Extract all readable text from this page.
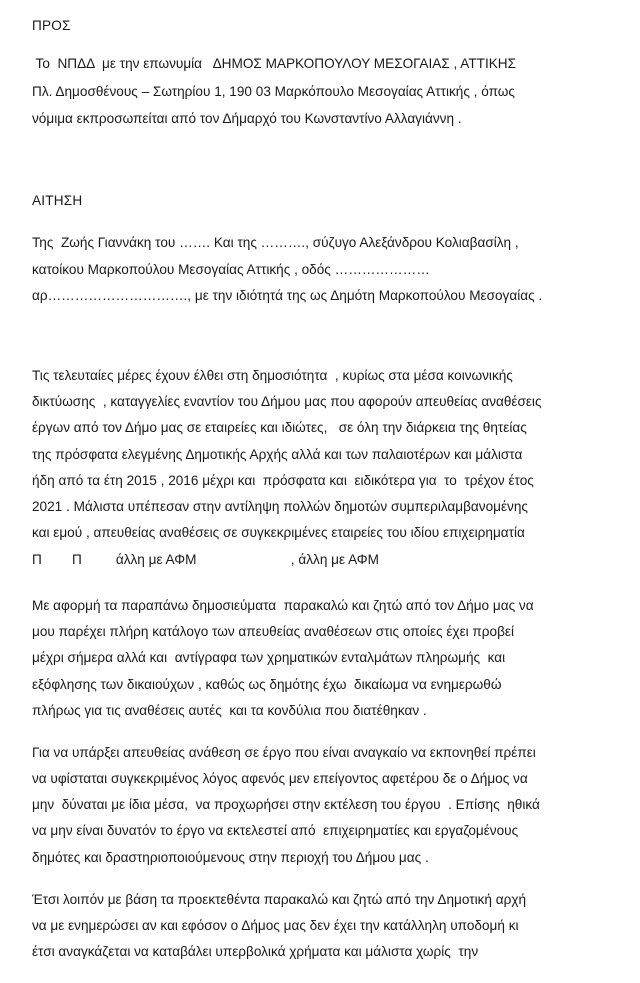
ΠΡΟΣ
Το  ΝΠΔΔ  με την επωνυμία   ΔΗΜΟΣ ΜΑΡΚΟΠΟΥΛΟΥ ΜΕΣΟΓΑΙΑΣ , ΑΤΤΙΚΗΣ
Πλ. Δημοσθένους – Σωτηρίου 1, 190 03 Μαρκόπουλο Μεσογαίας Αττικής , όπως
νόμιμα εκπροσωπείται από τον Δήμαρχό του Κωνσταντίνο Αλλαγιάννη .
ΑΙΤΗΣΗ
Της  Ζωής Γιαννάκη του ……. Και της ………., σύζυγο Αλεξάνδρου Κολιαβασίλη ,
κατοίκου Μαρκοπούλου Μεσογαίας Αττικής , οδός …………………
αρ…………………………., με την ιδιότητά της ως Δημότη Μαρκοπούλου Μεσογαίας .
Τις τελευταίες μέρες έχουν έλθει στη δημοσιότητα  , κυρίως στα μέσα κοινωνικής
δικτύωσης  , καταγγελίες εναντίον του Δήμου μας που αφορούν απευθείας αναθέσεις
έργων από τον Δήμο μας σε εταιρείες και ιδιώτες,   σε όλη την διάρκεια της θητείας
της πρόσφατα ελεγμένης Δημοτικής Αρχής αλλά και των παλαιοτέρων και μάλιστα
ήδη από τα έτη 2015 , 2016 μέχρι και  πρόσφατα και  ειδικότερα για  το  τρέχον έτος
2021 . Μάλιστα υπέπεσαν στην αντίληψη πολλών δημοτών συμπεριλαμβανομένης
και εμού , απευθείας αναθέσεις σε συγκεκριμένες εταιρείες του ιδίου επιχειρηματία
Π        Π         άλλη με ΑΦΜ                         , άλλη με ΑΦΜ
Με αφορμή τα παραπάνω δημοσιεύματα  παρακαλώ και ζητώ από τον Δήμο μας να
μου παρέχει πλήρη κατάλογο των απευθείας αναθέσεων στις οποίες έχει προβεί
μέχρι σήμερα αλλά και  αντίγραφα των χρηματικών ενταλμάτων πληρωμής  και
εξόφλησης των δικαιούχων , καθώς ως δημότης έχω  δικαίωμα να ενημερωθώ
πλήρως για τις αναθέσεις αυτές  και τα κονδύλια που διατέθηκαν .
Για να υπάρξει απευθείας ανάθεση σε έργο που είναι αναγκαίο να εκπονηθεί πρέπει
να υφίσταται συγκεκριμένος λόγος αφενός μεν επείγοντος αφετέρου δε ο Δήμος να
μην  δύναται με ίδια μέσα,  να προχωρήσει στην εκτέλεση του έργου  . Επίσης  ηθικά
να μην είναι δυνατόν το έργο να εκτελεστεί από  επιχειρηματίες και εργαζομένους
δημότες και δραστηριοποιούμενους στην περιοχή του Δήμου μας .
Έτσι λοιπόν με βάση τα προεκτεθέντα παρακαλώ και ζητώ από την Δημοτική αρχή
να με ενημερώσει αν και εφόσον ο Δήμος μας δεν έχει την κατάλληλη υποδομή κι
έτσι αναγκάζεται να καταβάλει υπερβολικά χρήματα και μάλιστα χωρίς  την
